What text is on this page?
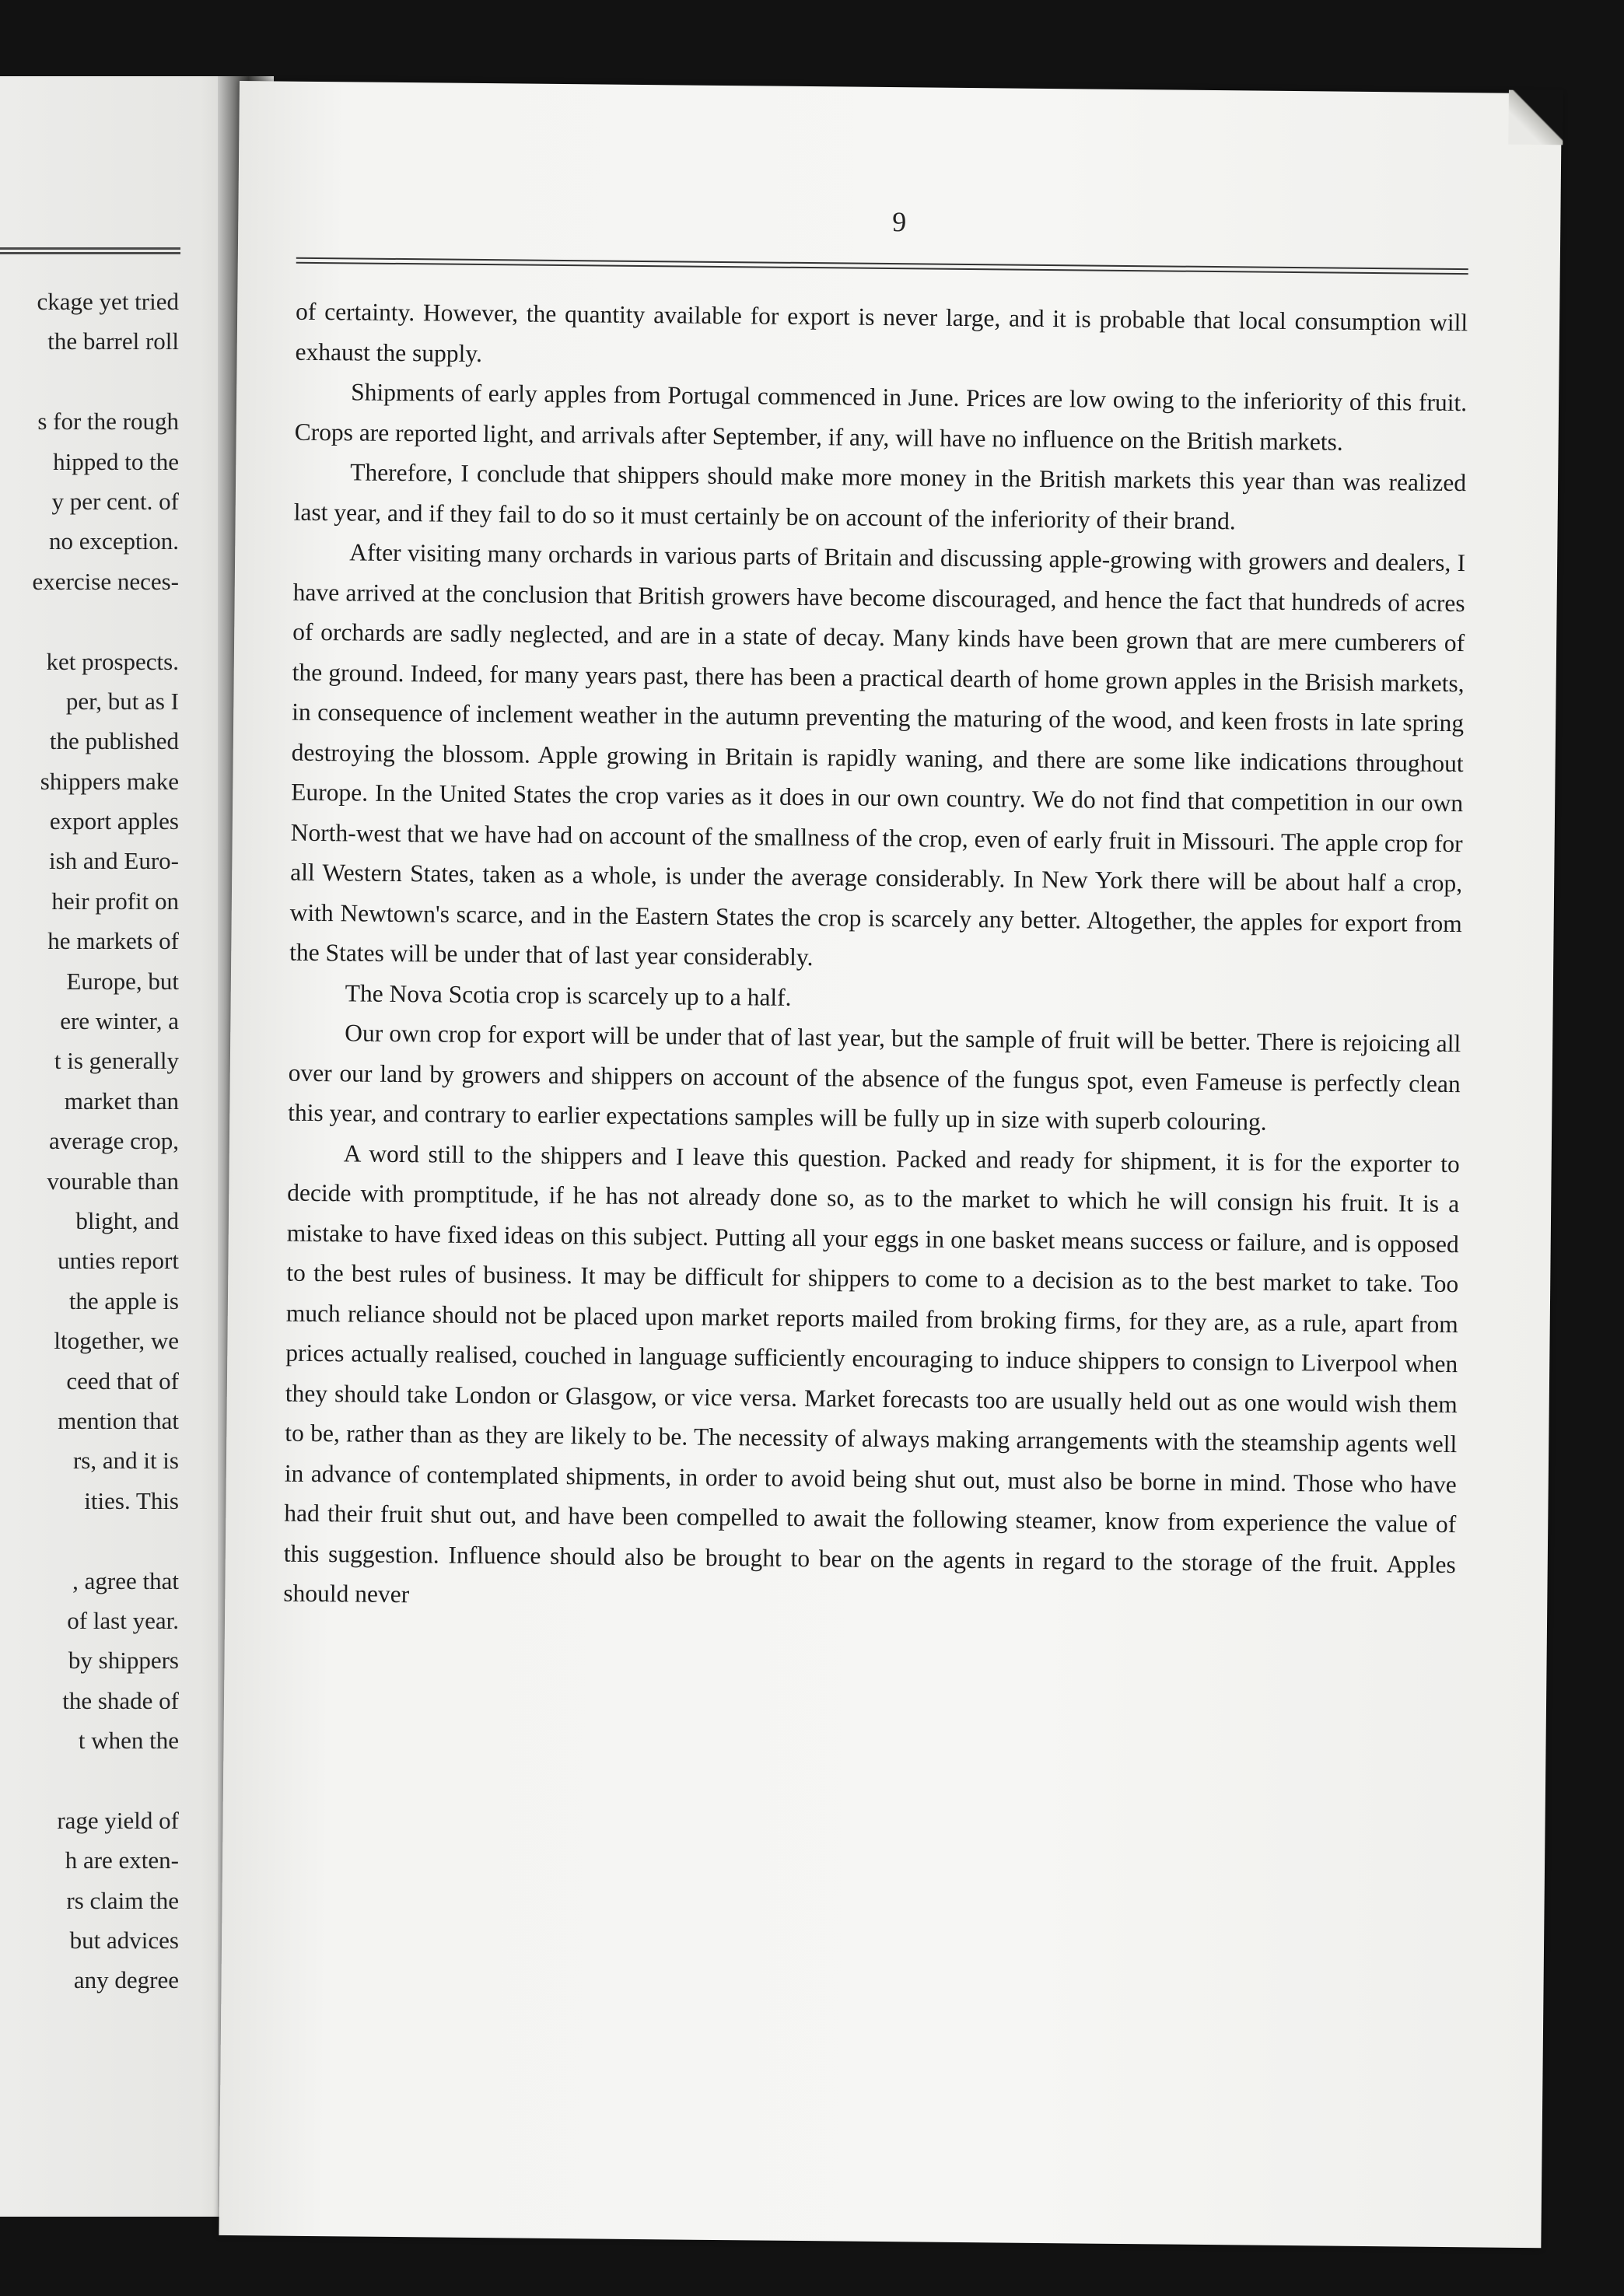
ckage yet tried
the barrel roll
s for the rough
hipped to the
y per cent. of
no exception.
exercise neces-
ket prospects.
per, but as I
the published
shippers make
export apples
ish and Euro-
heir profit on
he markets of
Europe, but
ere winter, a
t is generally
market than
average crop,
vourable than
blight, and
unties report
the apple is
ltogether, we
ceed that of
mention that
rs, and it is
ities. This
, agree that
of last year.
by shippers
the shade of
t when the
rage yield of
h are exten-
rs claim the
but advices
any degree
9

of certainty. However, the quantity available for export is never large, and it is probable that local consumption will exhaust the supply.

Shipments of early apples from Portugal commenced in June. Prices are low owing to the inferiority of this fruit. Crops are reported light, and arrivals after September, if any, will have no influence on the British markets.

Therefore, I conclude that shippers should make more money in the British markets this year than was realized last year, and if they fail to do so it must certainly be on account of the inferiority of their brand.

After visiting many orchards in various parts of Britain and discussing apple-growing with growers and dealers, I have arrived at the conclusion that British growers have become discouraged, and hence the fact that hundreds of acres of orchards are sadly neglected, and are in a state of decay. Many kinds have been grown that are mere cumberers of the ground. Indeed, for many years past, there has been a practical dearth of home grown apples in the Brisish markets, in consequence of inclement weather in the autumn preventing the maturing of the wood, and keen frosts in late spring destroying the blossom. Apple growing in Britain is rapidly waning, and there are some like indications throughout Europe. In the United States the crop varies as it does in our own country. We do not find that competition in our own North-west that we have had on account of the smallness of the crop, even of early fruit in Missouri. The apple crop for all Western States, taken as a whole, is under the average considerably. In New York there will be about half a crop, with Newtown's scarce, and in the Eastern States the crop is scarcely any better. Altogether, the apples for export from the States will be under that of last year considerably.

The Nova Scotia crop is scarcely up to a half.

Our own crop for export will be under that of last year, but the sample of fruit will be better. There is rejoicing all over our land by growers and shippers on account of the absence of the fungus spot, even Fameuse is perfectly clean this year, and contrary to earlier expectations samples will be fully up in size with superb colouring.

A word still to the shippers and I leave this question. Packed and ready for shipment, it is for the exporter to decide with promptitude, if he has not already done so, as to the market to which he will consign his fruit. It is a mistake to have fixed ideas on this subject. Putting all your eggs in one basket means success or failure, and is opposed to the best rules of business. It may be difficult for shippers to come to a decision as to the best market to take. Too much reliance should not be placed upon market reports mailed from broking firms, for they are, as a rule, apart from prices actually realised, couched in language sufficiently encouraging to induce shippers to consign to Liverpool when they should take London or Glasgow, or vice versa. Market forecasts too are usually held out as one would wish them to be, rather than as they are likely to be. The necessity of always making arrangements with the steamship agents well in advance of contemplated shipments, in order to avoid being shut out, must also be borne in mind. Those who have had their fruit shut out, and have been compelled to await the following steamer, know from experience the value of this suggestion. Influence should also be brought to bear on the agents in regard to the storage of the fruit. Apples should never
